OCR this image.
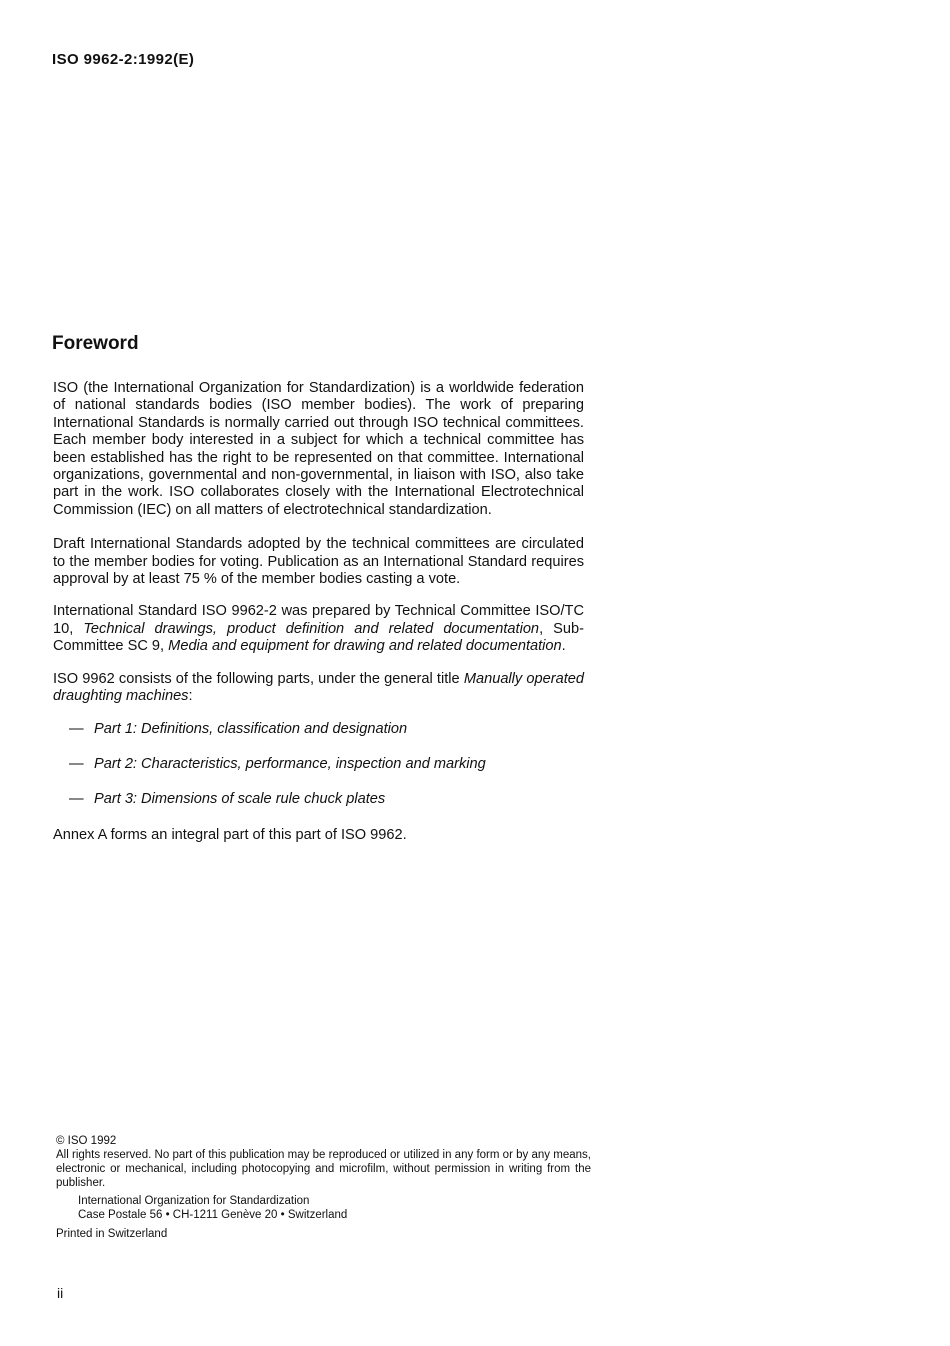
ISO 9962-2:1992(E)
Foreword

ISO (the International Organization for Standardization) is a worldwide federation of national standards bodies (ISO member bodies). The work of preparing International Standards is normally carried out through ISO technical committees. Each member body interested in a subject for which a technical committee has been established has the right to be represented on that committee. International organizations, governmental and non-governmental, in liaison with ISO, also take part in the work. ISO collaborates closely with the International Electrotechnical Commission (IEC) on all matters of electrotechnical standardization.

Draft International Standards adopted by the technical committees are circulated to the member bodies for voting. Publication as an International Standard requires approval by at least 75 % of the member bodies casting a vote.

International Standard ISO 9962-2 was prepared by Technical Committee ISO/TC 10, Technical drawings, product definition and related documentation, Sub-Committee SC 9, Media and equipment for drawing and related documentation.

ISO 9962 consists of the following parts, under the general title Manually operated draughting machines:

— Part 1: Definitions, classification and designation
— Part 2: Characteristics, performance, inspection and marking
— Part 3: Dimensions of scale rule chuck plates

Annex A forms an integral part of this part of ISO 9962.

© ISO 1992
All rights reserved. No part of this publication may be reproduced or utilized in any form or by any means, electronic or mechanical, including photocopying and microfilm, without permission in writing from the publisher.
International Organization for Standardization
Case Postale 56 • CH-1211 Genève 20 • Switzerland
Printed in Switzerland
ii
